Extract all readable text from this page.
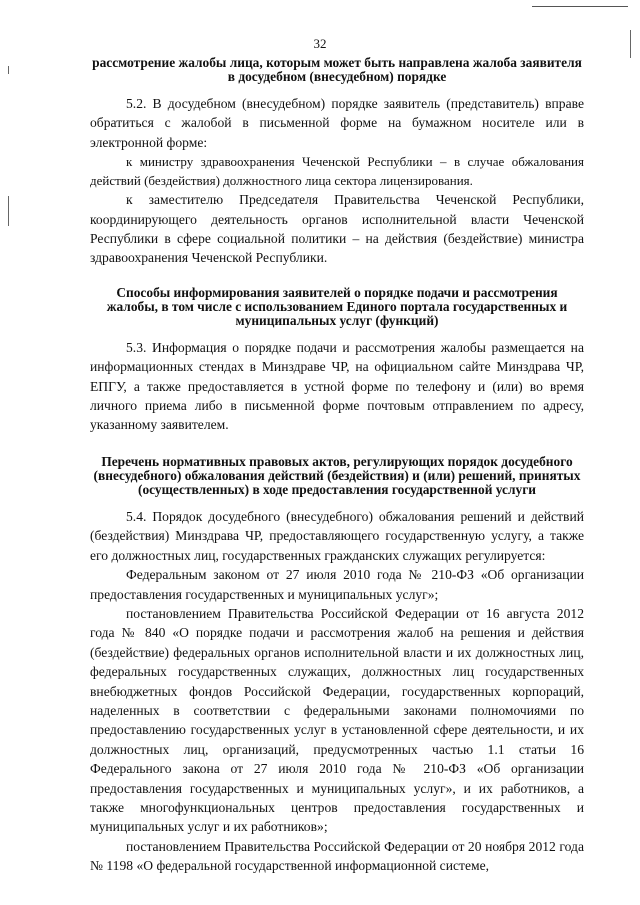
32

рассмотрение жалобы лица, которым может быть направлена жалоба заявителя в досудебном (внесудебном) порядке

5.2. В досудебном (внесудебном) порядке заявитель (представитель) вправе обратиться с жалобой в письменной форме на бумажном носителе или в электронной форме:

к министру здравоохранения Чеченской Республики – в случае обжалования действий (бездействия) должностного лица сектора лицензирования.

к заместителю Председателя Правительства Чеченской Республики, координирующего деятельность органов исполнительной власти Чеченской Республики в сфере социальной политики – на действия (бездействие) министра здравоохранения Чеченской Республики.

Способы информирования заявителей о порядке подачи и рассмотрения жалобы, в том числе с использованием Единого портала государственных и муниципальных услуг (функций)

5.3. Информация о порядке подачи и рассмотрения жалобы размещается на информационных стендах в Минздраве ЧР, на официальном сайте Минздрава ЧР, ЕПГУ, а также предоставляется в устной форме по телефону и (или) во время личного приема либо в письменной форме почтовым отправлением по адресу, указанному заявителем.

Перечень нормативных правовых актов, регулирующих порядок досудебного (внесудебного) обжалования действий (бездействия) и (или) решений, принятых (осуществленных) в ходе предоставления государственной услуги

5.4. Порядок досудебного (внесудебного) обжалования решений и действий (бездействия) Минздрава ЧР, предоставляющего государственную услугу, а также его должностных лиц, государственных гражданских служащих регулируется:

Федеральным законом от 27 июля 2010 года № 210-ФЗ «Об организации предоставления государственных и муниципальных услуг»;

постановлением Правительства Российской Федерации от 16 августа 2012 года № 840 «О порядке подачи и рассмотрения жалоб на решения и действия (бездействие) федеральных органов исполнительной власти и их должностных лиц, федеральных государственных служащих, должностных лиц государственных внебюджетных фондов Российской Федерации, государственных корпораций, наделенных в соответствии с федеральными законами полномочиями по предоставлению государственных услуг в установленной сфере деятельности, и их должностных лиц, организаций, предусмотренных частью 1.1 статьи 16 Федерального закона от 27 июля 2010 года № 210-ФЗ «Об организации предоставления государственных и муниципальных услуг», и их работников, а также многофункциональных центров предоставления государственных и муниципальных услуг и их работников»;

постановлением Правительства Российской Федерации от 20 ноября 2012 года № 1198 «О федеральной государственной информационной системе,
